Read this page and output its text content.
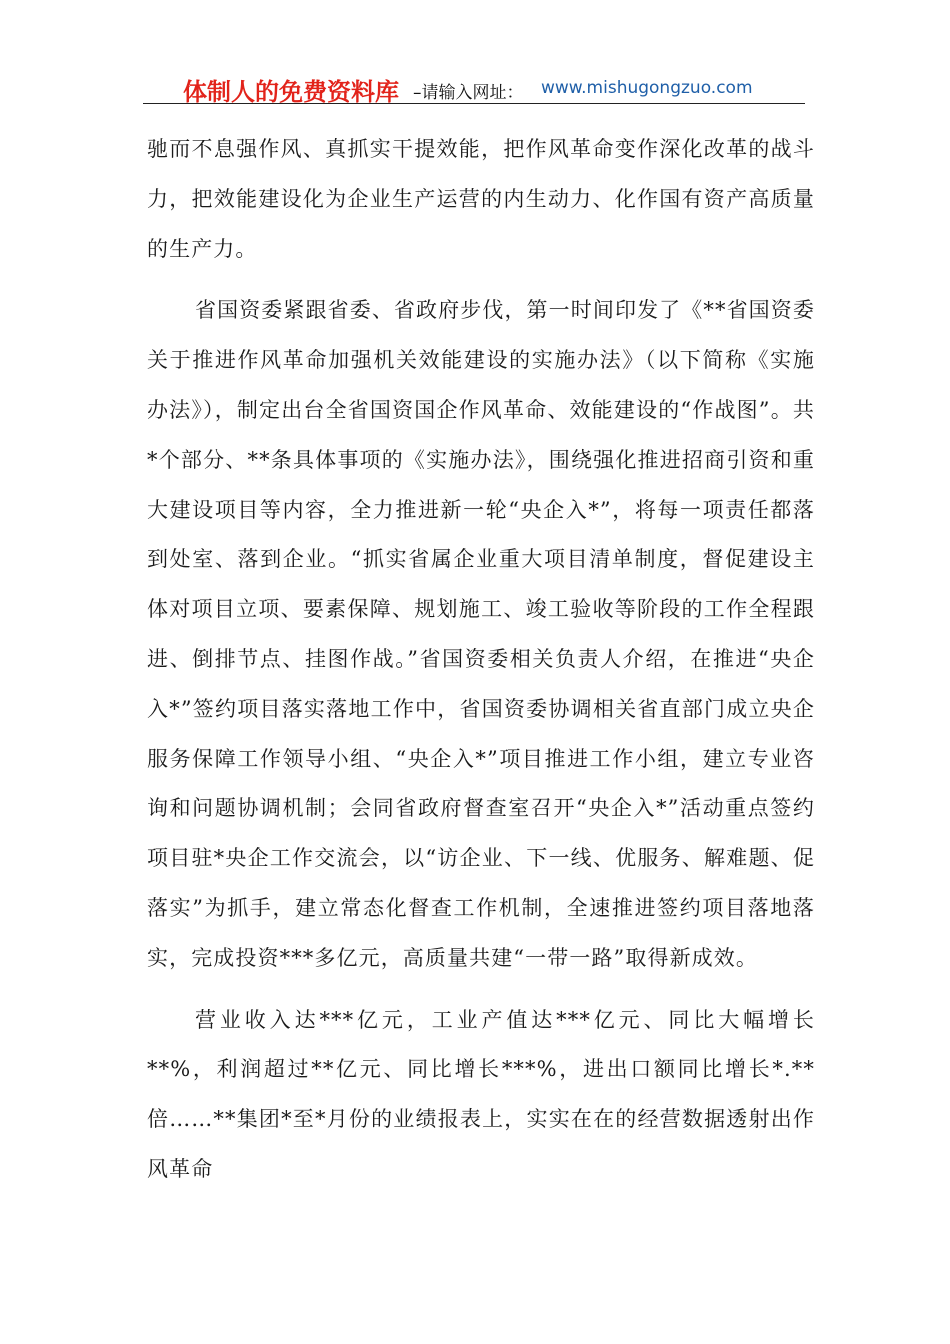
体制人的免费资料库 –请输入网址： www.mishugongzuo.com

驰而不息强作风、真抓实干提效能，把作风革命变作深化改革的战斗力，把效能建设化为企业生产运营的内生动力、化作国有资产高质量的生产力。

省国资委紧跟省委、省政府步伐，第一时间印发了《**省国资委关于推进作风革命加强机关效能建设的实施办法》（以下简称《实施办法》），制定出台全省国资国企作风革命、效能建设的“作战图”。共*个部分、**条具体事项的《实施办法》，围绕强化推进招商引资和重大建设项目等内容，全力推进新一轮“央企入*”，将每一项责任都落到处室、落到企业。“抓实省属企业重大项目清单制度，督促建设主体对项目立项、要素保障、规划施工、竣工验收等阶段的工作全程跟进、倒排节点、挂图作战。”省国资委相关负责人介绍，在推进“央企入*”签约项目落实落地工作中，省国资委协调相关省直部门成立央企服务保障工作领导小组、“央企入*”项目推进工作小组，建立专业咨询和问题协调机制；会同省政府督查室召开“央企入*”活动重点签约项目驻*央企工作交流会，以“访企业、下一线、优服务、解难题、促落实”为抓手，建立常态化督查工作机制，全速推进签约项目落地落实，完成投资***多亿元，高质量共建“一带一路”取得新成效。

营业收入达***亿元，工业产值达***亿元、同比大幅增长**%，利润超过**亿元、同比增长***%，进出口额同比增长*.**倍……**集团*至*月份的业绩报表上，实实在在的经营数据透射出作风革命
